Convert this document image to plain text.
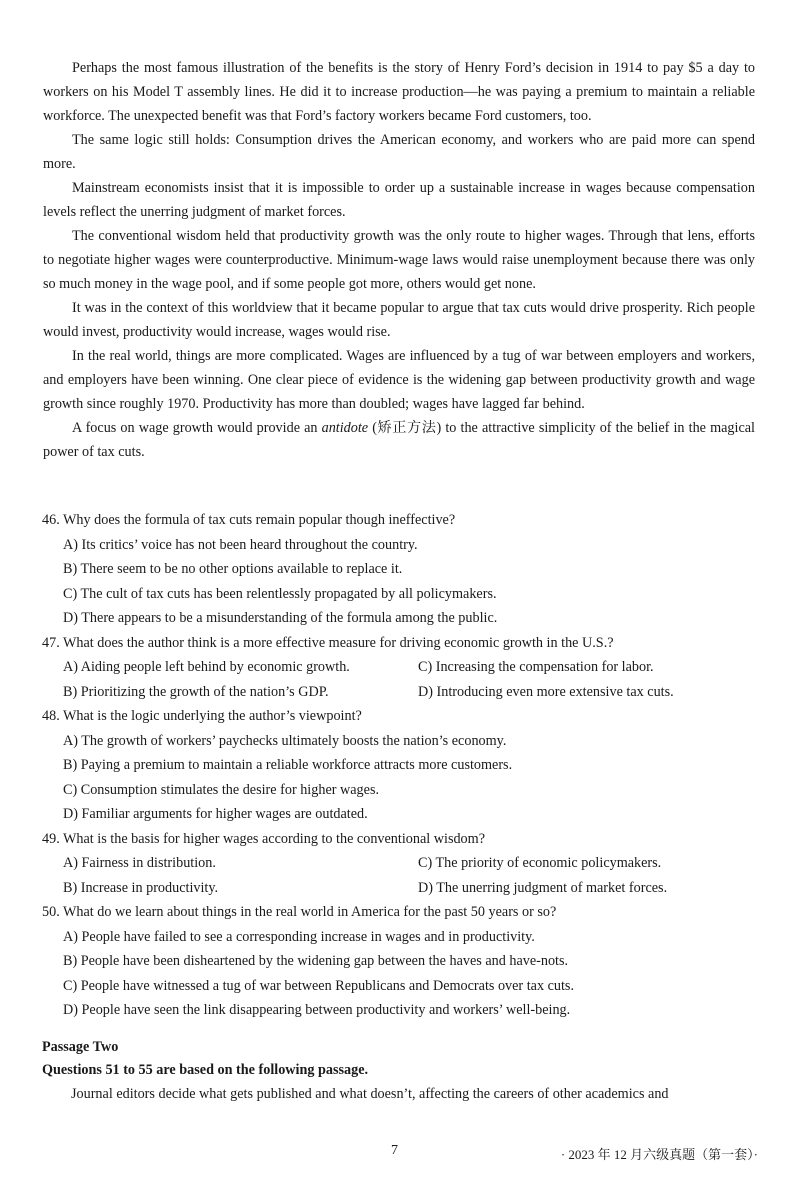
Perhaps the most famous illustration of the benefits is the story of Henry Ford’s decision in 1914 to pay $5 a day to workers on his Model T assembly lines. He did it to increase production—he was paying a premium to maintain a reliable workforce. The unexpected benefit was that Ford’s factory workers became Ford customers, too.

The same logic still holds: Consumption drives the American economy, and workers who are paid more can spend more.

Mainstream economists insist that it is impossible to order up a sustainable increase in wages because compensation levels reflect the unerring judgment of market forces.

The conventional wisdom held that productivity growth was the only route to higher wages. Through that lens, efforts to negotiate higher wages were counterproductive. Minimum-wage laws would raise unemployment because there was only so much money in the wage pool, and if some people got more, others would get none.

It was in the context of this worldview that it became popular to argue that tax cuts would drive prosperity. Rich people would invest, productivity would increase, wages would rise.

In the real world, things are more complicated. Wages are influenced by a tug of war between employers and workers, and employers have been winning. One clear piece of evidence is the widening gap between productivity growth and wage growth since roughly 1970. Productivity has more than doubled; wages have lagged far behind.

A focus on wage growth would provide an antidote (矫正方法) to the attractive simplicity of the belief in the magical power of tax cuts.

46. Why does the formula of tax cuts remain popular though ineffective?

A) Its critics’ voice has not been heard throughout the country.

B) There seem to be no other options available to replace it.

C) The cult of tax cuts has been relentlessly propagated by all policymakers.

D) There appears to be a misunderstanding of the formula among the public.

47. What does the author think is a more effective measure for driving economic growth in the U.S.?

A) Aiding people left behind by economic growth.	C) Increasing the compensation for labor.
B) Prioritizing the growth of the nation’s GDP.	D) Introducing even more extensive tax cuts.

48. What is the logic underlying the author’s viewpoint?

A) The growth of workers’ paychecks ultimately boosts the nation’s economy.

B) Paying a premium to maintain a reliable workforce attracts more customers.

C) Consumption stimulates the desire for higher wages.

D) Familiar arguments for higher wages are outdated.

49. What is the basis for higher wages according to the conventional wisdom?

A) Fairness in distribution.	C) The priority of economic policymakers.
B) Increase in productivity.	D) The unerring judgment of market forces.

50. What do we learn about things in the real world in America for the past 50 years or so?

A) People have failed to see a corresponding increase in wages and in productivity.

B) People have been disheartened by the widening gap between the haves and have-nots.

C) People have witnessed a tug of war between Republicans and Democrats over tax cuts.

D) People have seen the link disappearing between productivity and workers’ well-being.

Passage Two

Questions 51 to 55 are based on the following passage.

Journal editors decide what gets published and what doesn’t, affecting the careers of other academics and

7	· 2023 年 12 月六级真题（第一套）·
